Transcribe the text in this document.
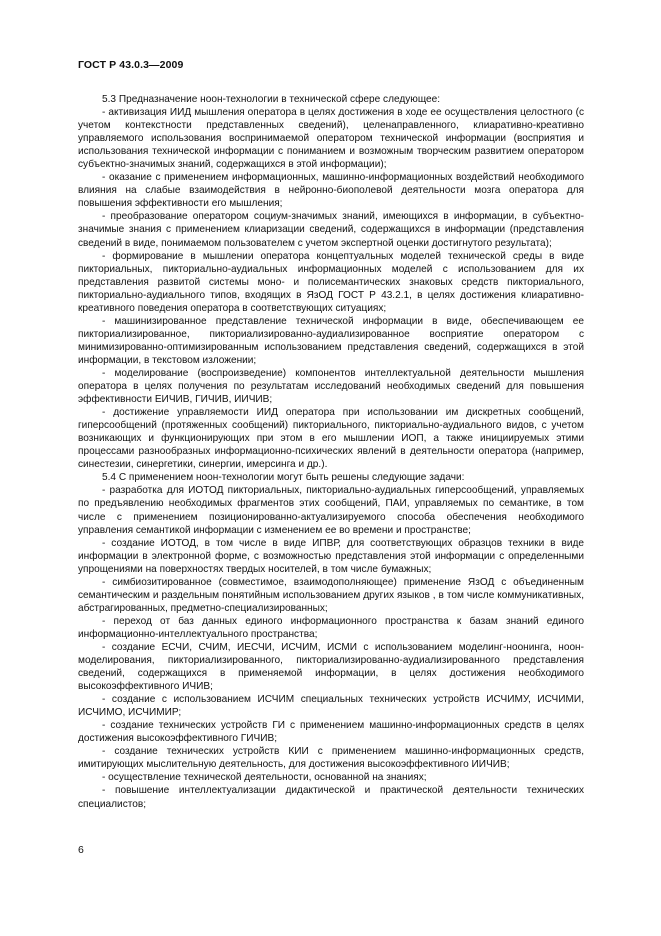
ГОСТ Р 43.0.3—2009

5.3 Предназначение ноон-технологии в технической сфере следующее:

- активизация ИИД мышления оператора в целях достижения в ходе ее осуществления целостного (с учетом контекстности представленных сведений), целенаправленного, клиаративно-креативно управляемого использования воспринимаемой оператором технической информации (восприятия и использования технической информации с пониманием и возможным творческим развитием оператором субъектно-значимых знаний, содержащихся в этой информации);

- оказание с применением информационных, машинно-информационных воздействий необходимого влияния на слабые взаимодействия в нейронно-биополевой деятельности мозга оператора для повышения эффективности его мышления;

- преобразование оператором социум-значимых знаний, имеющихся в информации, в субъектно-значимые знания с применением клиаризации сведений, содержащихся в информации (представления сведений в виде, понимаемом пользователем с учетом экспертной оценки достигнутого результата);

- формирование в мышлении оператора концептуальных моделей технической среды в виде пикториальных, пикториально-аудиальных информационных моделей с использованием для их представления развитой системы моно- и полисемантических знаковых средств пикториального, пикториально-аудиального типов, входящих в ЯзОД ГОСТ Р 43.2.1, в целях достижения клиаративно-креативного поведения оператора в соответствующих ситуациях;

- машинизированное представление технической информации в виде, обеспечивающем ее пикториализированное, пикториализированно-аудиализированное восприятие оператором с минимизированно-оптимизированным использованием представления сведений, содержащихся в этой информации, в текстовом изложении;

- моделирование (воспроизведение) компонентов интеллектуальной деятельности мышления оператора в целях получения по результатам исследований необходимых сведений для повышения эффективности ЕИЧИВ, ГИЧИВ, ИИЧИВ;

- достижение управляемости ИИД оператора при использовании им дискретных сообщений, гиперсообщений (протяженных сообщений) пикториального, пикториально-аудиального видов, с учетом возникающих и функционирующих при этом в его мышлении ИОП, а также инициируемых этими процессами разнообразных информационно-психических явлений в деятельности оператора (например, синестезии, синергетики, синергии, имерсинга и др.).

5.4 С применением ноон-технологии могут быть решены следующие задачи:

- разработка для ИОТОД пикториальных, пикториально-аудиальных гиперсообщений, управляемых по предъявлению необходимых фрагментов этих сообщений, ПАИ, управляемых по семантике, в том числе с применением позиционированно-актуализируемого способа обеспечения необходимого управления семантикой информации с изменением ее во времени и пространстве;

- создание ИОТОД, в том числе в виде ИПВР, для соответствующих образцов техники в виде информации в электронной форме, с возможностью представления этой информации с определенными упрощениями на поверхностях твердых носителей, в том числе бумажных;

- симбиозитированное (совместимое, взаимодополняющее) применение ЯзОД с объединенным семантическим и раздельным понятийным использованием других языков , в том числе коммуникативных, абстрагированных, предметно-специализированных;

- переход от баз данных единого информационного пространства к базам знаний единого информационно-интеллектуального пространства;

- создание ЕСЧИ, СЧИМ, ИЕСЧИ, ИСЧИМ, ИСМИ с использованием моделинг-ноонинга, ноон-моделирования, пикториализированного, пикториализированно-аудиализированного представления сведений, содержащихся в применяемой информации, в целях достижения необходимого высокоэффективного ИЧИВ;

- создание с использованием ИСЧИМ специальных технических устройств ИСЧИМУ, ИСЧИМИ, ИСЧИМО, ИСЧИМИР;

- создание технических устройств ГИ с применением машинно-информационных средств в целях достижения высокоэффективного ГИЧИВ;

- создание технических устройств КИИ с применением машинно-информационных средств, имитирующих мыслительную деятельность, для достижения высокоэффективного ИИЧИВ;

- осуществление технической деятельности, основанной на знаниях;

- повышение интеллектуализации дидактической и практической деятельности технических специалистов;

6
